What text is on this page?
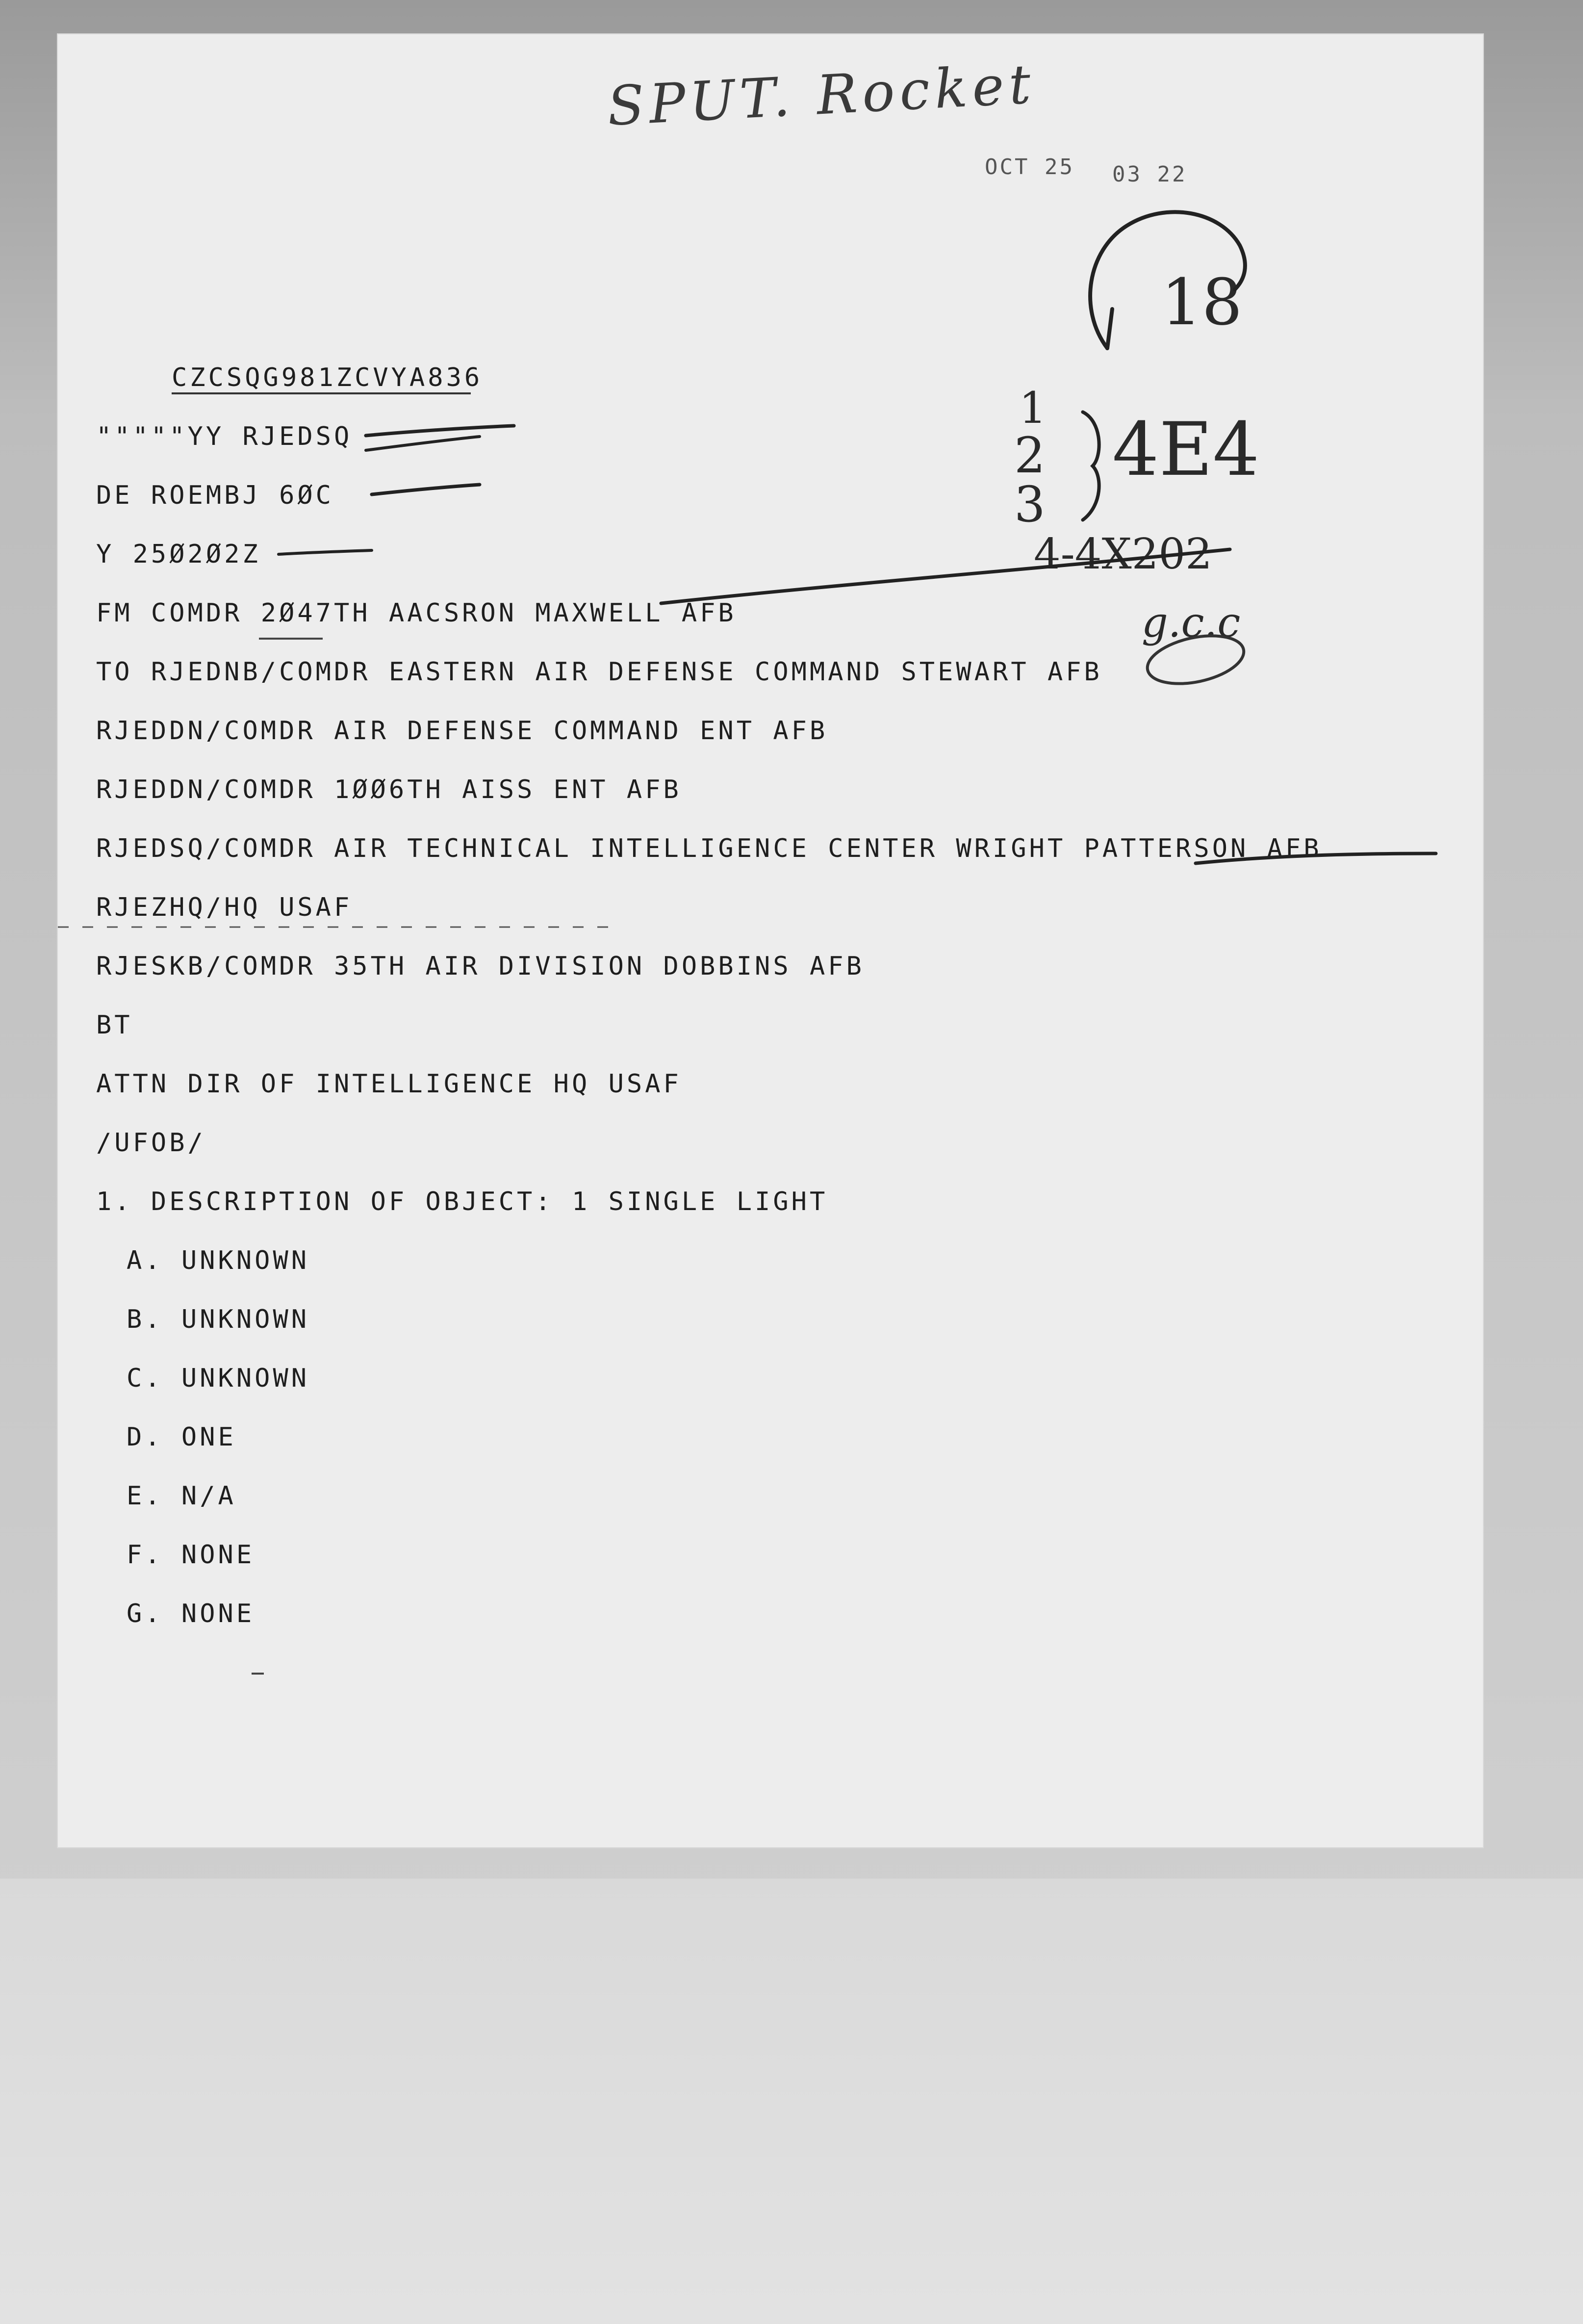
SPUT. Rocket
OCT 25 03 22
18
1
2
3
4E4
4-4X202
g.c.c
CZCSQG981ZCVYA836
"""""YY RJEDSQ
DE ROEMBJ 6ØC
Y 25Ø2Ø2Z
FM COMDR 2Ø47TH AACSRON MAXWELL AFB
TO RJEDNB/COMDR EASTERN AIR DEFENSE COMMAND STEWART AFB
RJEDDN/COMDR AIR DEFENSE COMMAND ENT AFB
RJEDDN/COMDR 1ØØ6TH AISS ENT AFB
RJEDSQ/COMDR AIR TECHNICAL INTELLIGENCE CENTER WRIGHT PATTERSON AFB
RJEZHQ/HQ USAF
RJESKB/COMDR 35TH AIR DIVISION DOBBINS AFB
BT
ATTN DIR OF INTELLIGENCE HQ USAF
/UFOB/
1. DESCRIPTION OF OBJECT: 1 SINGLE LIGHT
A. UNKNOWN
B. UNKNOWN
C. UNKNOWN
D. ONE
E. N/A
F. NONE
G. NONE
